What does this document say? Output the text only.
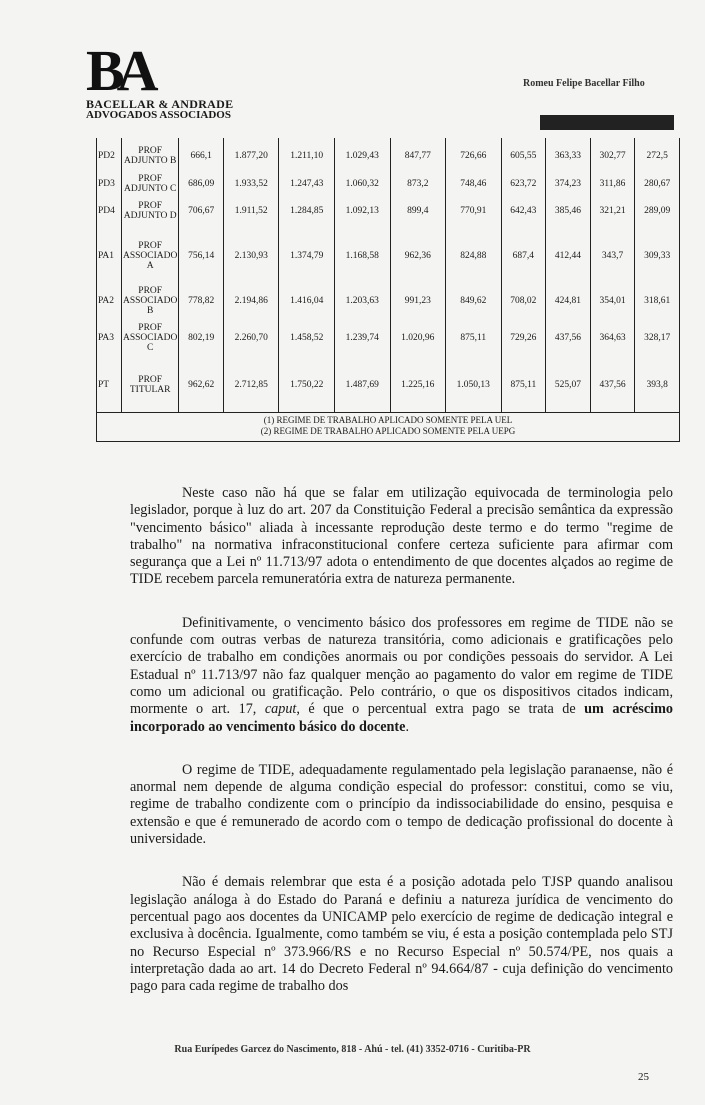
BA
BACELLAR & ANDRADE
ADVOGADOS ASSOCIADOS
Romeu Felipe Bacellar Filho
PD2	PROF ADJUNTO B	666,1	1.877,20	1.211,10	1.029,43	847,77	726,66	605,55	363,33	302,77	272,5
PD3	PROF ADJUNTO C	686,09	1.933,52	1.247,43	1.060,32	873,2	748,46	623,72	374,23	311,86	280,67
PD4	PROF ADJUNTO D	706,67	1.911,52	1.284,85	1.092,13	899,4	770,91	642,43	385,46	321,21	289,09
PA1	PROF ASSOCIADO A	756,14	2.130,93	1.374,79	1.168,58	962,36	824,88	687,4	412,44	343,7	309,33
PA2	PROF ASSOCIADO B	778,82	2.194,86	1.416,04	1.203,63	991,23	849,62	708,02	424,81	354,01	318,61
PA3	PROF ASSOCIADO C	802,19	2.260,70	1.458,52	1.239,74	1.020,96	875,11	729,26	437,56	364,63	328,17
PT	PROF TITULAR	962,62	2.712,85	1.750,22	1.487,69	1.225,16	1.050,13	875,11	525,07	437,56	393,8

(1) REGIME DE TRABALHO APLICADO SOMENTE PELA UEL
(2) REGIME DE TRABALHO APLICADO SOMENTE PELA UEPG											

Neste caso não há que se falar em utilização equivocada de terminologia pelo legislador, porque à luz do art. 207 da Constituição Federal a precisão semântica da expressão "vencimento básico" aliada à incessante reprodução deste termo e do termo "regime de trabalho" na normativa infraconstitucional confere certeza suficiente para afirmar com segurança que a Lei nº 11.713/97 adota o entendimento de que docentes alçados ao regime de TIDE recebem parcela remuneratória extra de natureza permanente.

Definitivamente, o vencimento básico dos professores em regime de TIDE não se confunde com outras verbas de natureza transitória, como adicionais e gratificações pelo exercício de trabalho em condições anormais ou por condições pessoais do servidor. A Lei Estadual nº 11.713/97 não faz qualquer menção ao pagamento do valor em regime de TIDE como um adicional ou gratificação. Pelo contrário, o que os dispositivos citados indicam, mormente o art. 17, caput, é que o percentual extra pago se trata de um acréscimo incorporado ao vencimento básico do docente.

O regime de TIDE, adequadamente regulamentado pela legislação paranaense, não é anormal nem depende de alguma condição especial do professor: constitui, como se viu, regime de trabalho condizente com o princípio da indissociabilidade do ensino, pesquisa e extensão e que é remunerado de acordo com o tempo de dedicação profissional do docente à universidade.

Não é demais relembrar que esta é a posição adotada pelo TJSP quando analisou legislação análoga à do Estado do Paraná e definiu a natureza jurídica de vencimento do percentual pago aos docentes da UNICAMP pelo exercício de regime de dedicação integral e exclusiva à docência. Igualmente, como também se viu, é esta a posição contemplada pelo STJ no Recurso Especial nº 373.966/RS e no Recurso Especial nº 50.574/PE, nos quais a interpretação dada ao art. 14 do Decreto Federal nº 94.664/87 - cuja definição do vencimento pago para cada regime de trabalho dos

Rua Eurípedes Garcez do Nascimento, 818 - Ahú - tel. (41) 3352-0716 - Curitiba-PR
25
